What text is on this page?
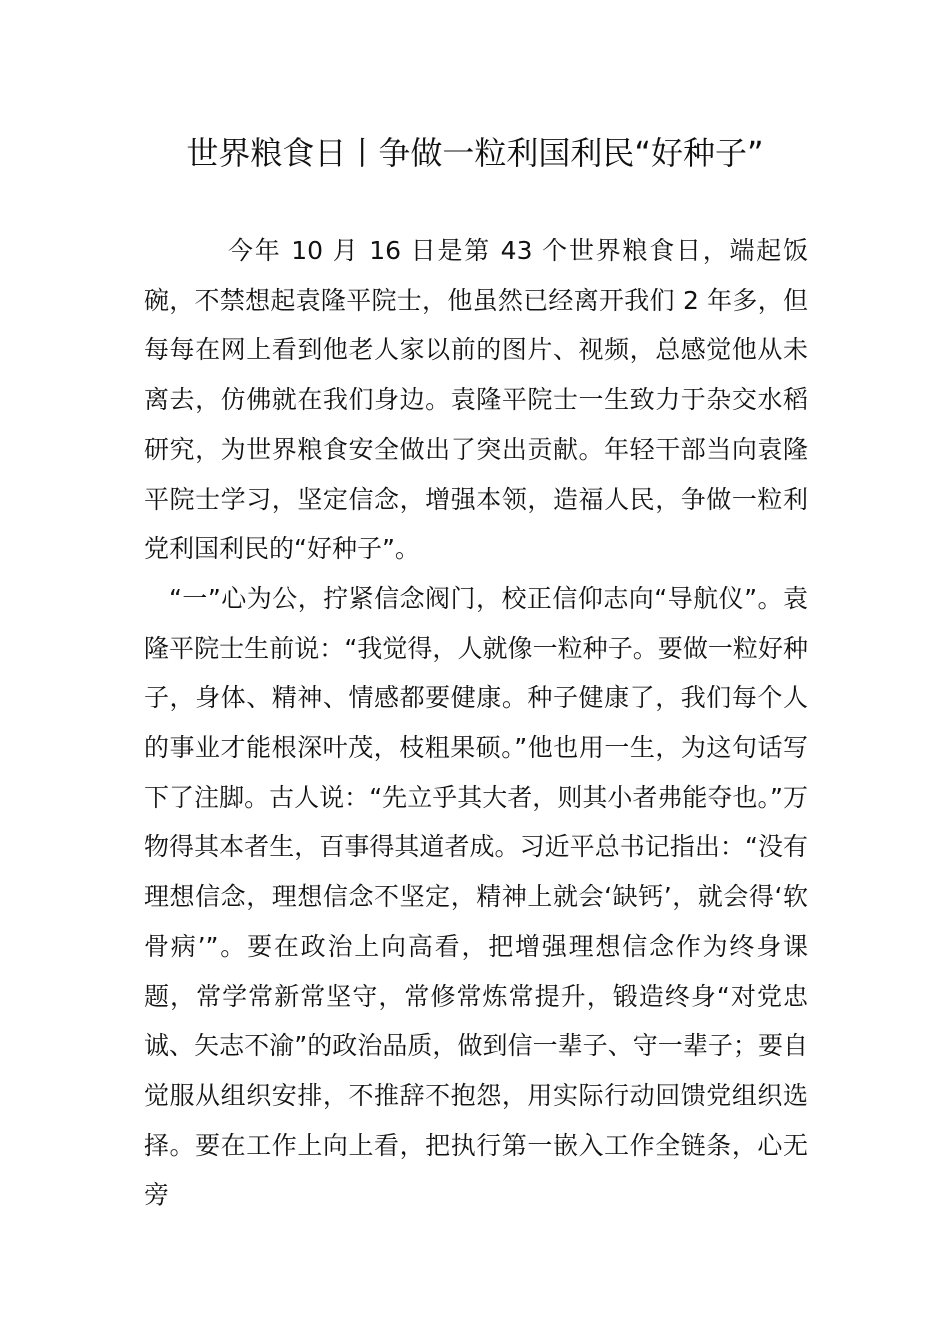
世界粮食日丨争做一粒利国利民“好种子”

今年 10 月 16 日是第 43 个世界粮食日，端起饭碗，不禁想起袁隆平院士，他虽然已经离开我们 2 年多，但每每在网上看到他老人家以前的图片、视频，总感觉他从未离去，仿佛就在我们身边。袁隆平院士一生致力于杂交水稻研究，为世界粮食安全做出了突出贡献。年轻干部当向袁隆平院士学习，坚定信念，增强本领，造福人民，争做一粒利党利国利民的“好种子”。

“一”心为公，拧紧信念阀门，校正信仰志向“导航仪”。袁隆平院士生前说：“我觉得，人就像一粒种子。要做一粒好种子，身体、精神、情感都要健康。种子健康了，我们每个人的事业才能根深叶茂，枝粗果硕。”他也用一生，为这句话写下了注脚。古人说：“先立乎其大者，则其小者弗能夺也。”万物得其本者生，百事得其道者成。习近平总书记指出：“没有理想信念，理想信念不坚定，精神上就会‘缺钙’，就会得‘软骨病’”。要在政治上向高看，把增强理想信念作为终身课题，常学常新常坚守，常修常炼常提升，锻造终身“对党忠诚、矢志不渝”的政治品质，做到信一辈子、守一辈子；要自觉服从组织安排，不推辞不抱怨，用实际行动回馈党组织选择。要在工作上向上看，把执行第一嵌入工作全链条，心无旁
